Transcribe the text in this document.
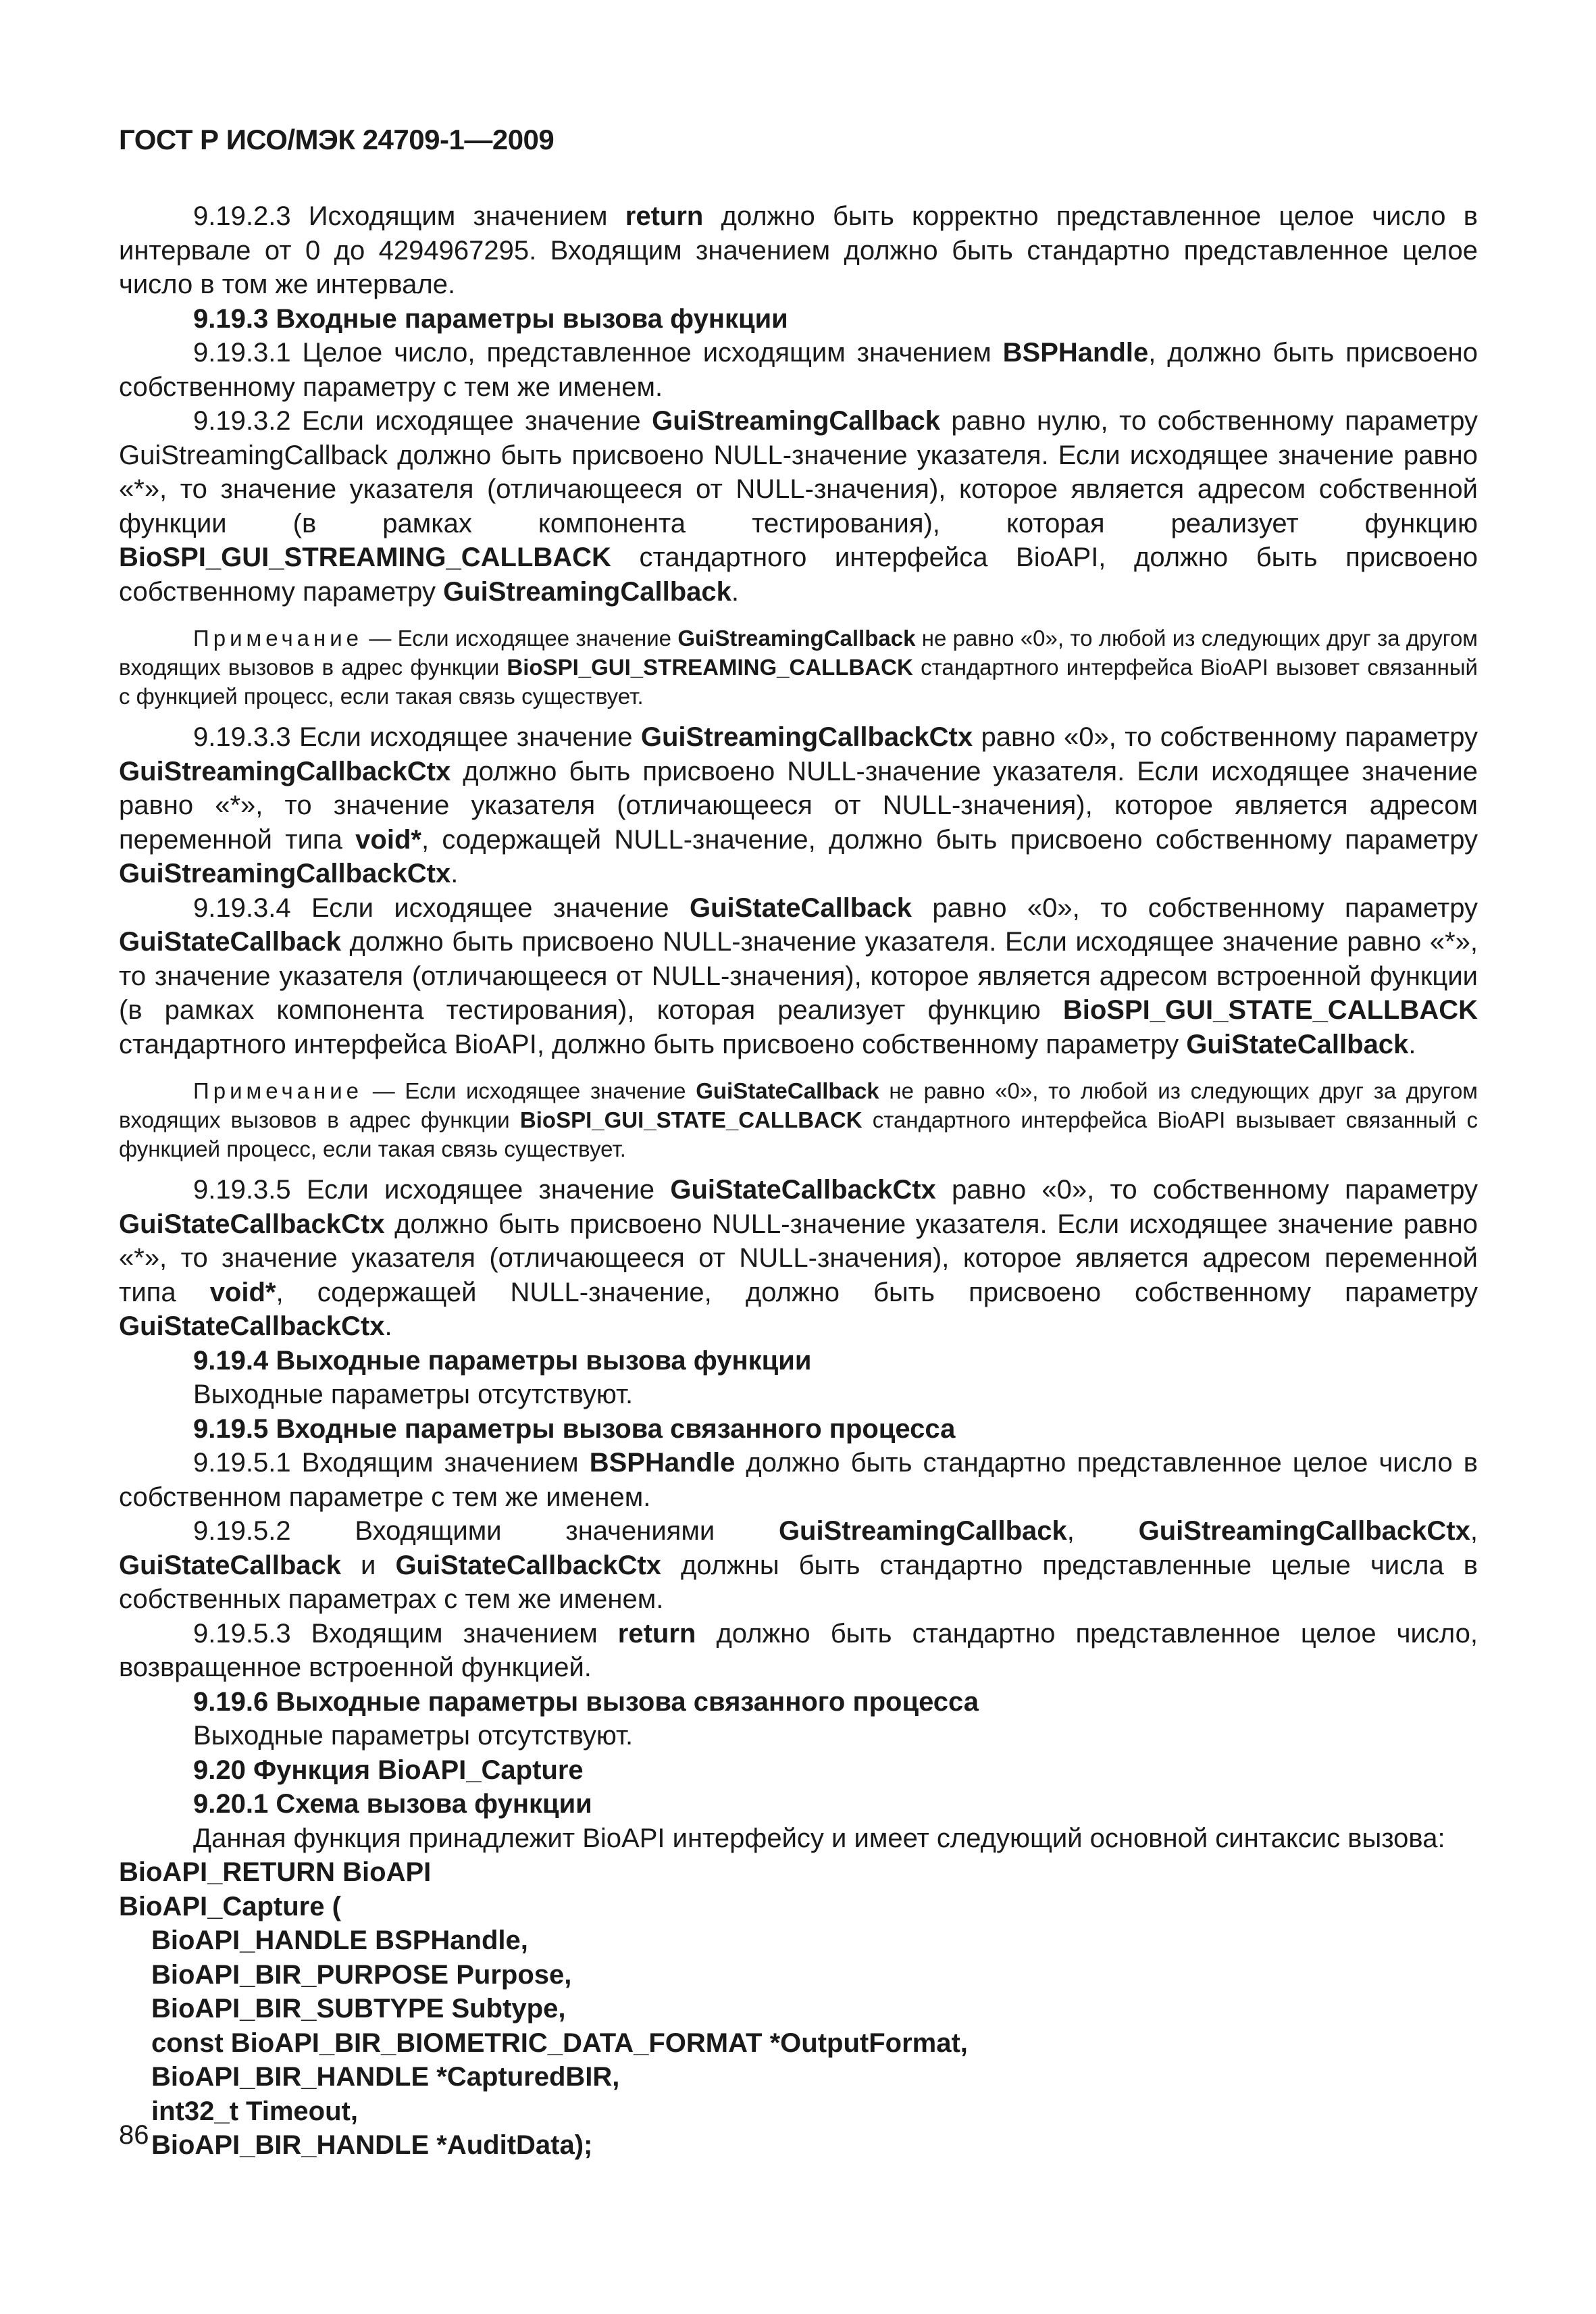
ГОСТ Р ИСО/МЭК 24709-1—2009

9.19.2.3 Исходящим значением return должно быть корректно представленное целое число в интервале от 0 до 4294967295. Входящим значением должно быть стандартно представленное целое число в том же интервале.

9.19.3 Входные параметры вызова функции

9.19.3.1 Целое число, представленное исходящим значением BSPHandle, должно быть присвоено собственному параметру с тем же именем.

9.19.3.2 Если исходящее значение GuiStreamingCallback равно нулю, то собственному параметру GuiStreamingCallback должно быть присвоено NULL-значение указателя. Если исходящее значение равно «*», то значение указателя (отличающееся от NULL-значения), которое является адресом собственной функции (в рамках компонента тестирования), которая реализует функцию BioSPI_GUI_STREAMING_CALLBACK стандартного интерфейса BioAPI, должно быть присвоено собственному параметру GuiStreamingCallback.

Примечание — Если исходящее значение GuiStreamingCallback не равно «0», то любой из следующих друг за другом входящих вызовов в адрес функции BioSPI_GUI_STREAMING_CALLBACK стандартного интерфейса BioAPI вызовет связанный с функцией процесс, если такая связь существует.

9.19.3.3 Если исходящее значение GuiStreamingCallbackCtx равно «0», то собственному параметру GuiStreamingCallbackCtx должно быть присвоено NULL-значение указателя. Если исходящее значение равно «*», то значение указателя (отличающееся от NULL-значения), которое является адресом переменной типа void*, содержащей NULL-значение, должно быть присвоено собственному параметру GuiStreamingCallbackCtx.

9.19.3.4 Если исходящее значение GuiStateCallback равно «0», то собственному параметру GuiStateCallback должно быть присвоено NULL-значение указателя. Если исходящее значение равно «*», то значение указателя (отличающееся от NULL-значения), которое является адресом встроенной функции (в рамках компонента тестирования), которая реализует функцию BioSPI_GUI_STATE_CALLBACK стандартного интерфейса BioAPI, должно быть присвоено собственному параметру GuiStateCallback.

Примечание — Если исходящее значение GuiStateCallback не равно «0», то любой из следующих друг за другом входящих вызовов в адрес функции BioSPI_GUI_STATE_CALLBACK стандартного интерфейса BioAPI вызывает связанный с функцией процесс, если такая связь существует.

9.19.3.5 Если исходящее значение GuiStateCallbackCtx равно «0», то собственному параметру GuiStateCallbackCtx должно быть присвоено NULL-значение указателя. Если исходящее значение равно «*», то значение указателя (отличающееся от NULL-значения), которое является адресом переменной типа void*, содержащей NULL-значение, должно быть присвоено собственному параметру GuiStateCallbackCtx.

9.19.4 Выходные параметры вызова функции

Выходные параметры отсутствуют.

9.19.5 Входные параметры вызова связанного процесса

9.19.5.1 Входящим значением BSPHandle должно быть стандартно представленное целое число в собственном параметре с тем же именем.

9.19.5.2 Входящими значениями GuiStreamingCallback, GuiStreamingCallbackCtx, GuiStateCallback и GuiStateCallbackCtx должны быть стандартно представленные целые числа в собственных параметрах с тем же именем.

9.19.5.3 Входящим значением return должно быть стандартно представленное целое число, возвращенное встроенной функцией.

9.19.6 Выходные параметры вызова связанного процесса

Выходные параметры отсутствуют.

9.20 Функция BioAPI_Capture

9.20.1 Схема вызова функции

Данная функция принадлежит BioAPI интерфейсу и имеет следующий основной синтаксис вызова:

BioAPI_RETURN BioAPI
BioAPI_Capture (
BioAPI_HANDLE BSPHandle,
BioAPI_BIR_PURPOSE Purpose,
BioAPI_BIR_SUBTYPE Subtype,
const BioAPI_BIR_BIOMETRIC_DATA_FORMAT *OutputFormat,
BioAPI_BIR_HANDLE *CapturedBIR,
int32_t Timeout,
BioAPI_BIR_HANDLE *AuditData);
86
